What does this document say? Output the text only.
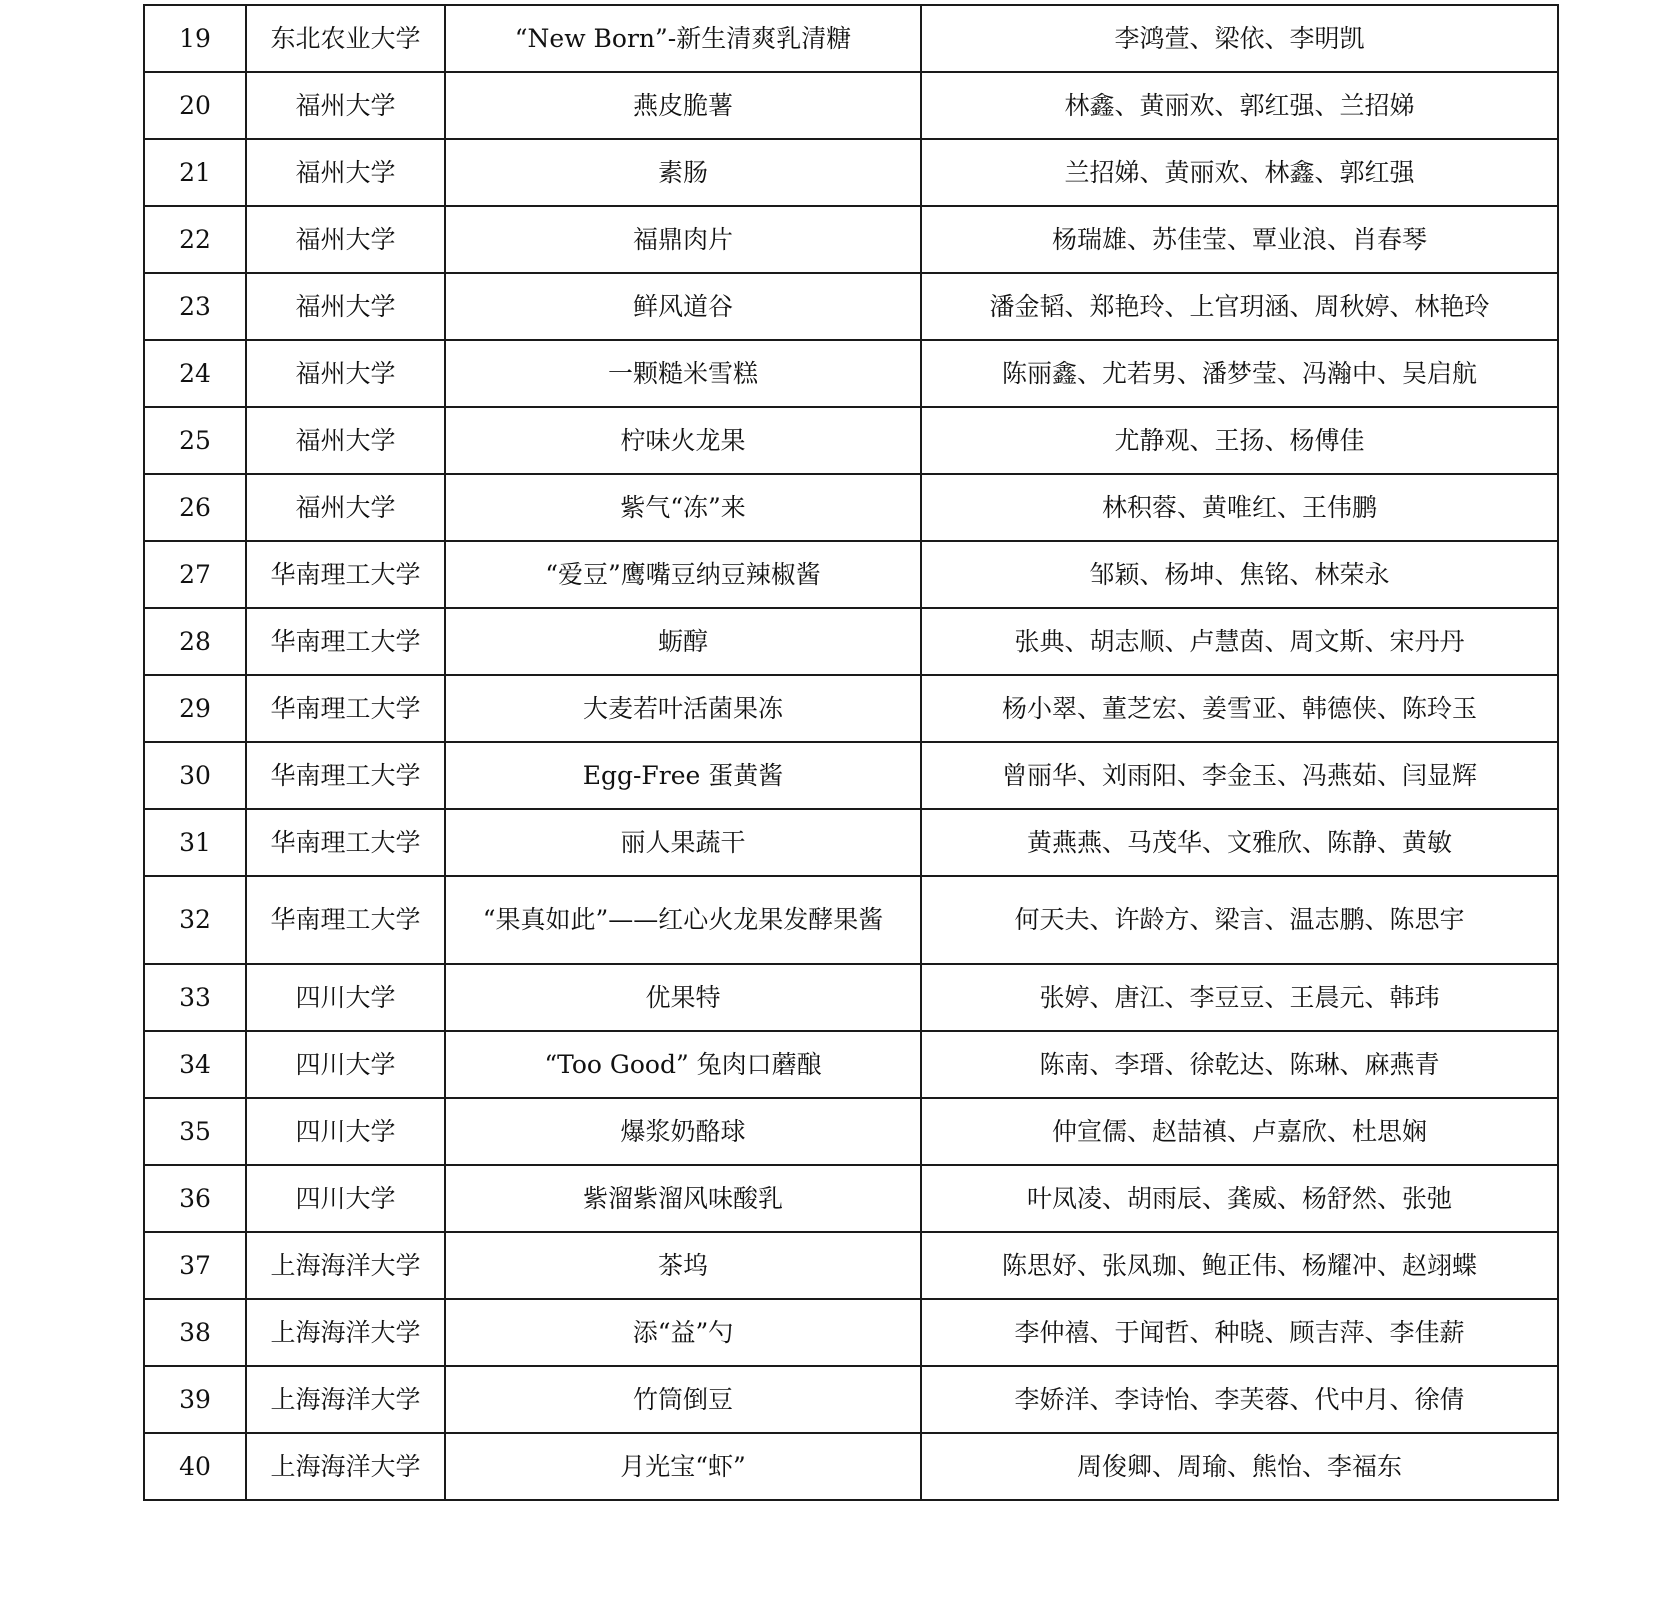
19	东北农业大学	“New Born”-新生清爽乳清糖	李鸿萱、梁依、李明凯
20	福州大学	燕皮脆薯	林鑫、黄丽欢、郭红强、兰招娣
21	福州大学	素肠	兰招娣、黄丽欢、林鑫、郭红强
22	福州大学	福鼎肉片	杨瑞雄、苏佳莹、覃业浪、肖春琴
23	福州大学	鲜风道谷	潘金韬、郑艳玲、上官玥涵、周秋婷、林艳玲
24	福州大学	一颗糙米雪糕	陈丽鑫、尤若男、潘梦莹、冯瀚中、吴启航
25	福州大学	柠味火龙果	尤静观、王扬、杨傅佳
26	福州大学	紫气“冻”来	林积蓉、黄唯红、王伟鹏
27	华南理工大学	“爱豆”鹰嘴豆纳豆辣椒酱	邹颖、杨坤、焦铭、林荣永
28	华南理工大学	蛎醇	张典、胡志顺、卢慧茵、周文斯、宋丹丹
29	华南理工大学	大麦若叶活菌果冻	杨小翠、董芝宏、姜雪亚、韩德侠、陈玲玉
30	华南理工大学	Egg-Free 蛋黄酱	曾丽华、刘雨阳、李金玉、冯燕茹、闫显辉
31	华南理工大学	丽人果蔬干	黄燕燕、马茂华、文雅欣、陈静、黄敏
32	华南理工大学	“果真如此”——红心火龙果发酵果酱	何天夫、许龄方、梁言、温志鹏、陈思宇
33	四川大学	优果特	张婷、唐江、李豆豆、王晨元、韩玮
34	四川大学	“Too Good” 兔肉口蘑酿	陈南、李瑨、徐乾达、陈琳、麻燕青
35	四川大学	爆浆奶酪球	仲宣儒、赵喆禛、卢嘉欣、杜思娴
36	四川大学	紫溜紫溜风味酸乳	叶凤凌、胡雨辰、龚威、杨舒然、张弛
37	上海海洋大学	茶坞	陈思妤、张凤珈、鲍正伟、杨耀冲、赵翊蝶
38	上海海洋大学	添“益”勺	李仲禧、于闻哲、种晓、顾吉萍、李佳薪
39	上海海洋大学	竹筒倒豆	李娇洋、李诗怡、李芙蓉、代中月、徐倩
40	上海海洋大学	月光宝“虾”	周俊卿、周瑜、熊怡、李福东
